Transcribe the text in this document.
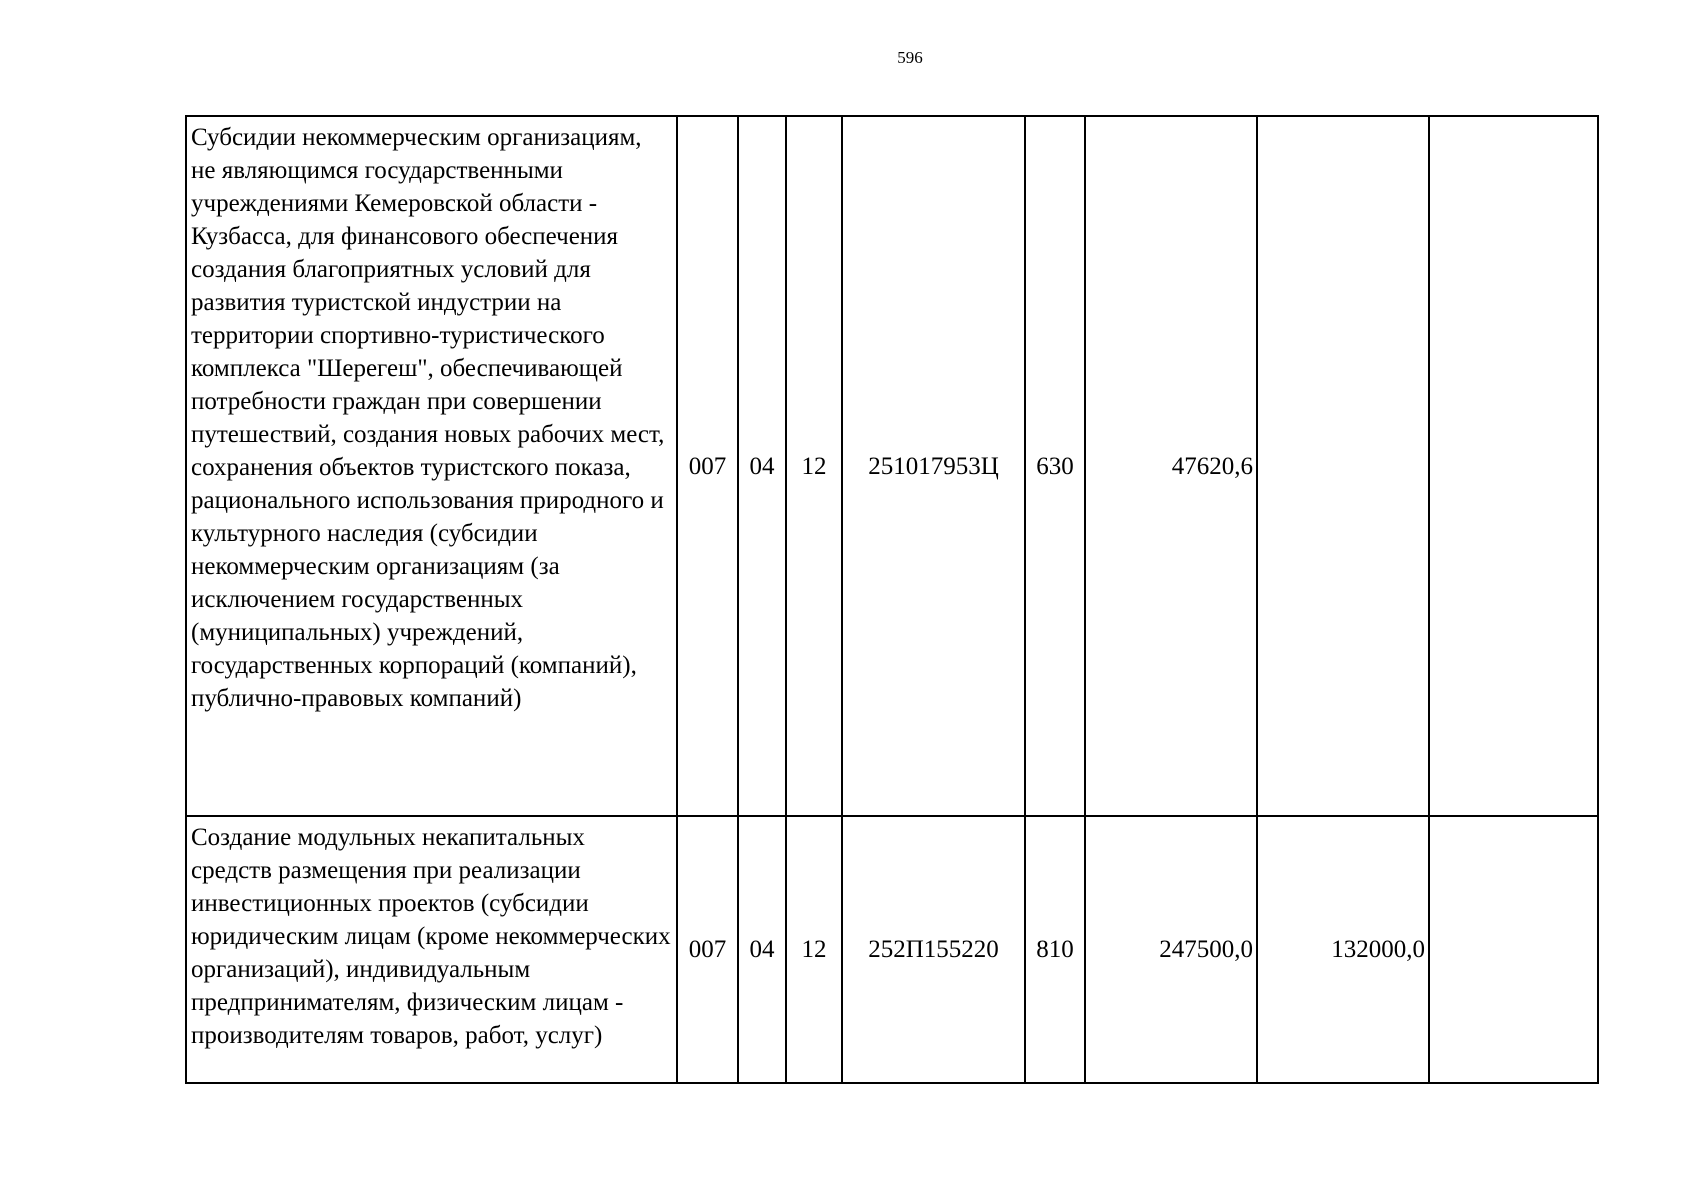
596
Субсидии некоммерческим организациям, не являющимся государственными учреждениями Кемеровской области - Кузбасса, для финансового обеспечения создания благоприятных условий для развития туристской индустрии на территории спортивно-туристического комплекса "Шерегеш", обеспечивающей потребности граждан при совершении путешествий, создания новых рабочих мест, сохранения объектов туристского показа, рационального использования природного и культурного наследия (субсидии некоммерческим организациям (за исключением государственных (муниципальных) учреждений, государственных корпораций (компаний), публично-правовых компаний)	007	04	12	251017953Ц	630	47620,6		
Создание модульных некапитальных средств размещения при реализации инвестиционных проектов (субсидии юридическим лицам (кроме некоммерческих организаций), индивидуальным предпринимателям, физическим лицам - производителям товаров, работ, услуг)	007	04	12	252П155220	810	247500,0	132000,0	
